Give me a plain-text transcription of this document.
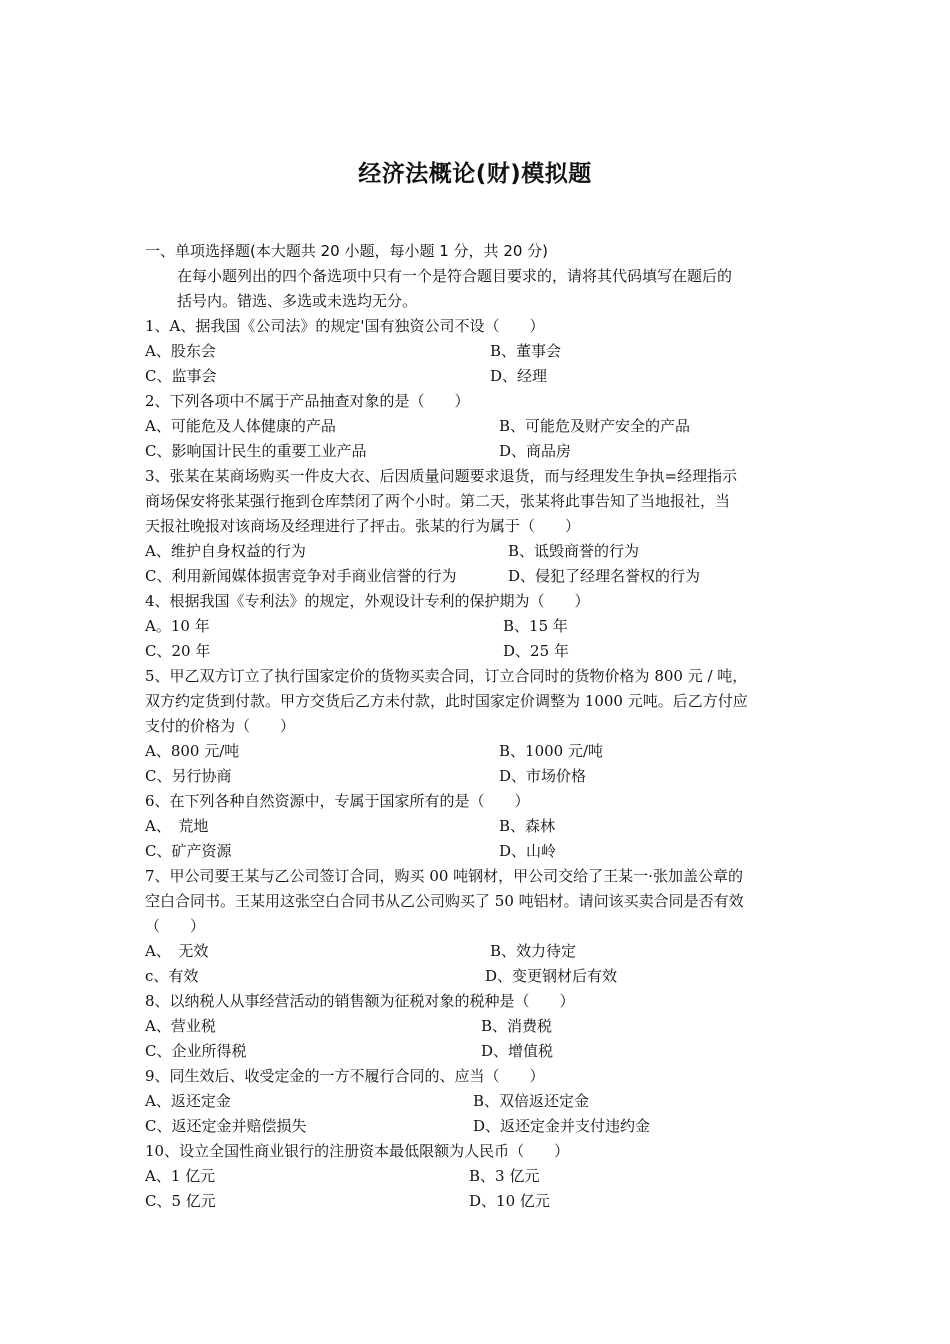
经济法概论(财)模拟题
一、单项选择题(本大题共 20 小题，每小题 1 分，共 20 分)
在每小题列出的四个备选项中只有一个是符合题目要求的，请将其代码填写在题后的
括号内。错选、多选或未选均无分。
1、A、据我国《公司法》的规定'国有独资公司不设（　　）
A、股东会	B、董事会
C、监事会	D、经理
2、下列各项中不属于产品抽查对象的是（　　）
A、可能危及人体健康的产品	B、可能危及财产安全的产品
C、影响国计民生的重要工业产品	D、商品房
3、张某在某商场购买一件皮大衣、后因质量问题要求退货，而与经理发生争执=经理指示
商场保安将张某强行拖到仓库禁闭了两个小时。第二天，张某将此事告知了当地报社，当
天报社晚报对该商场及经理进行了抨击。张某的行为属于（　　）
A、维护自身权益的行为	B、诋毁商誉的行为
C、利用新闻媒体损害竞争对手商业信誉的行为	D、侵犯了经理名誉权的行为
4、根据我国《专利法》的规定，外观设计专利的保护期为（　　）
A。10 年	B、15 年
C、20 年	D、25 年
5、甲乙双方订立了执行国家定价的货物买卖合同，订立合同时的货物价格为 800 元 / 吨，
双方约定货到付款。甲方交货后乙方未付款，此时国家定价调整为 1000 元吨。后乙方付应
支付的价格为（　　）
A、800 元/吨	B、1000 元/吨
C、另行协商	D、市场价格
6、在下列各种自然资源中，专属于国家所有的是（　　）
A、　荒地	B、森林
C、矿产资源	D、山岭
7、甲公司要王某与乙公司签订合同，购买 00 吨钢材，甲公司交给了王某一·张加盖公章的
空白合同书。王某用这张空白合同书从乙公司购买了 50 吨铝材。请问该买卖合同是否有效
（　　）
A、　无效	B、效力待定
c、有效	D、变更钢材后有效
8、以纳税人从事经营活动的销售额为征税对象的税种是（　　）
A、营业税	B、消费税
C、企业所得税	D、增值税
9、同生效后、收受定金的一方不履行合同的、应当（　　）
A、返还定金	B、双倍返还定金
C、返还定金并赔偿损失	D、返还定金并支付违约金
10、设立全国性商业银行的注册资本最低限额为人民币（　　）
A、1 亿元	B、3 亿元
C、5 亿元	D、10 亿元
